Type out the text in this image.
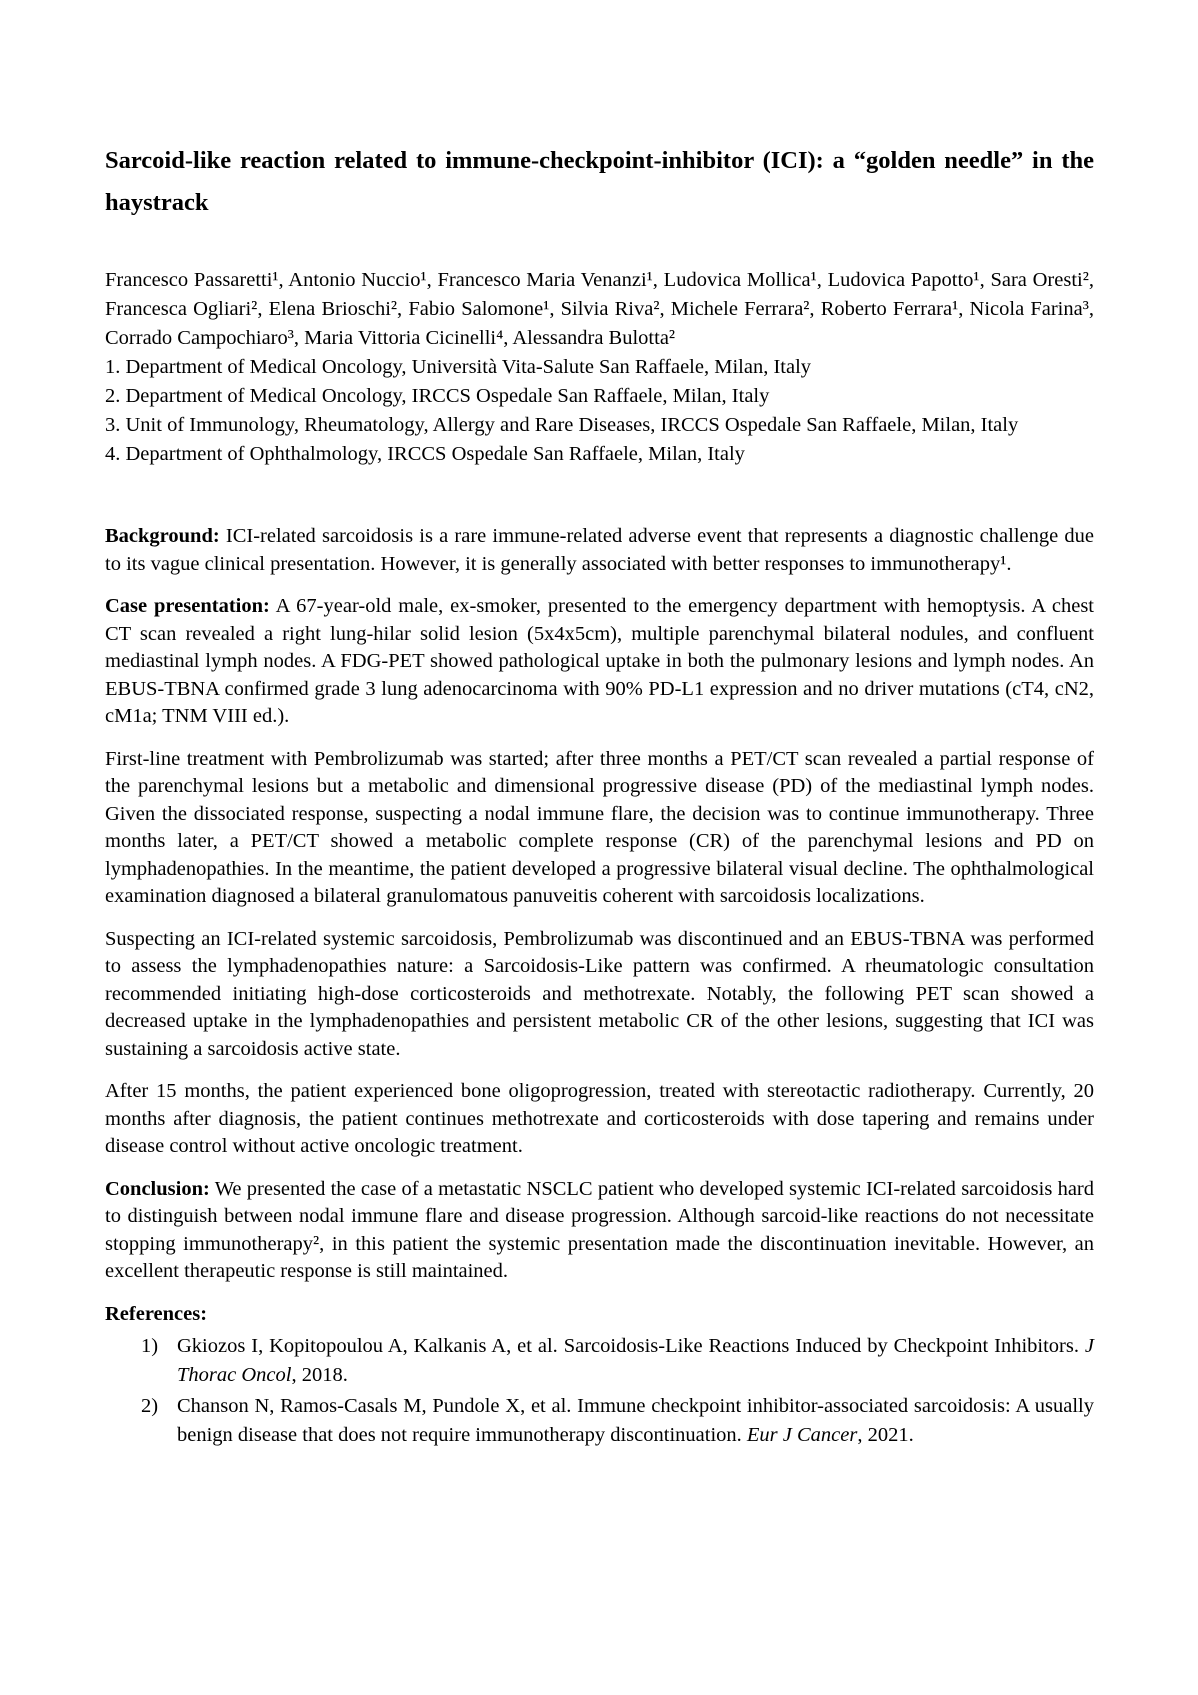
Sarcoid-like reaction related to immune-checkpoint-inhibitor (ICI): a “golden needle” in the haystrack

Francesco Passaretti¹, Antonio Nuccio¹, Francesco Maria Venanzi¹, Ludovica Mollica¹, Ludovica Papotto¹, Sara Oresti², Francesca Ogliari², Elena Brioschi², Fabio Salomone¹, Silvia Riva², Michele Ferrara², Roberto Ferrara¹, Nicola Farina³, Corrado Campochiaro³, Maria Vittoria Cicinelli⁴, Alessandra Bulotta²

1. Department of Medical Oncology, Università Vita-Salute San Raffaele, Milan, Italy

2. Department of Medical Oncology, IRCCS Ospedale San Raffaele, Milan, Italy

3. Unit of Immunology, Rheumatology, Allergy and Rare Diseases, IRCCS Ospedale San Raffaele, Milan, Italy

4. Department of Ophthalmology, IRCCS Ospedale San Raffaele, Milan, Italy

Background: ICI-related sarcoidosis is a rare immune-related adverse event that represents a diagnostic challenge due to its vague clinical presentation. However, it is generally associated with better responses to immunotherapy¹.

Case presentation: A 67-year-old male, ex-smoker, presented to the emergency department with hemoptysis. A chest CT scan revealed a right lung-hilar solid lesion (5x4x5cm), multiple parenchymal bilateral nodules, and confluent mediastinal lymph nodes. A FDG-PET showed pathological uptake in both the pulmonary lesions and lymph nodes. An EBUS-TBNA confirmed grade 3 lung adenocarcinoma with 90% PD-L1 expression and no driver mutations (cT4, cN2, cM1a; TNM VIII ed.).

First-line treatment with Pembrolizumab was started; after three months a PET/CT scan revealed a partial response of the parenchymal lesions but a metabolic and dimensional progressive disease (PD) of the mediastinal lymph nodes. Given the dissociated response, suspecting a nodal immune flare, the decision was to continue immunotherapy. Three months later, a PET/CT showed a metabolic complete response (CR) of the parenchymal lesions and PD on lymphadenopathies. In the meantime, the patient developed a progressive bilateral visual decline. The ophthalmological examination diagnosed a bilateral granulomatous panuveitis coherent with sarcoidosis localizations.

Suspecting an ICI-related systemic sarcoidosis, Pembrolizumab was discontinued and an EBUS-TBNA was performed to assess the lymphadenopathies nature: a Sarcoidosis-Like pattern was confirmed. A rheumatologic consultation recommended initiating high-dose corticosteroids and methotrexate. Notably, the following PET scan showed a decreased uptake in the lymphadenopathies and persistent metabolic CR of the other lesions, suggesting that ICI was sustaining a sarcoidosis active state.

After 15 months, the patient experienced bone oligoprogression, treated with stereotactic radiotherapy. Currently, 20 months after diagnosis, the patient continues methotrexate and corticosteroids with dose tapering and remains under disease control without active oncologic treatment.

Conclusion: We presented the case of a metastatic NSCLC patient who developed systemic ICI-related sarcoidosis hard to distinguish between nodal immune flare and disease progression. Although sarcoid-like reactions do not necessitate stopping immunotherapy², in this patient the systemic presentation made the discontinuation inevitable. However, an excellent therapeutic response is still maintained.

References:

1) Gkiozos I, Kopitopoulou A, Kalkanis A, et al. Sarcoidosis-Like Reactions Induced by Checkpoint Inhibitors. J Thorac Oncol, 2018.
2) Chanson N, Ramos-Casals M, Pundole X, et al. Immune checkpoint inhibitor-associated sarcoidosis: A usually benign disease that does not require immunotherapy discontinuation. Eur J Cancer, 2021.
